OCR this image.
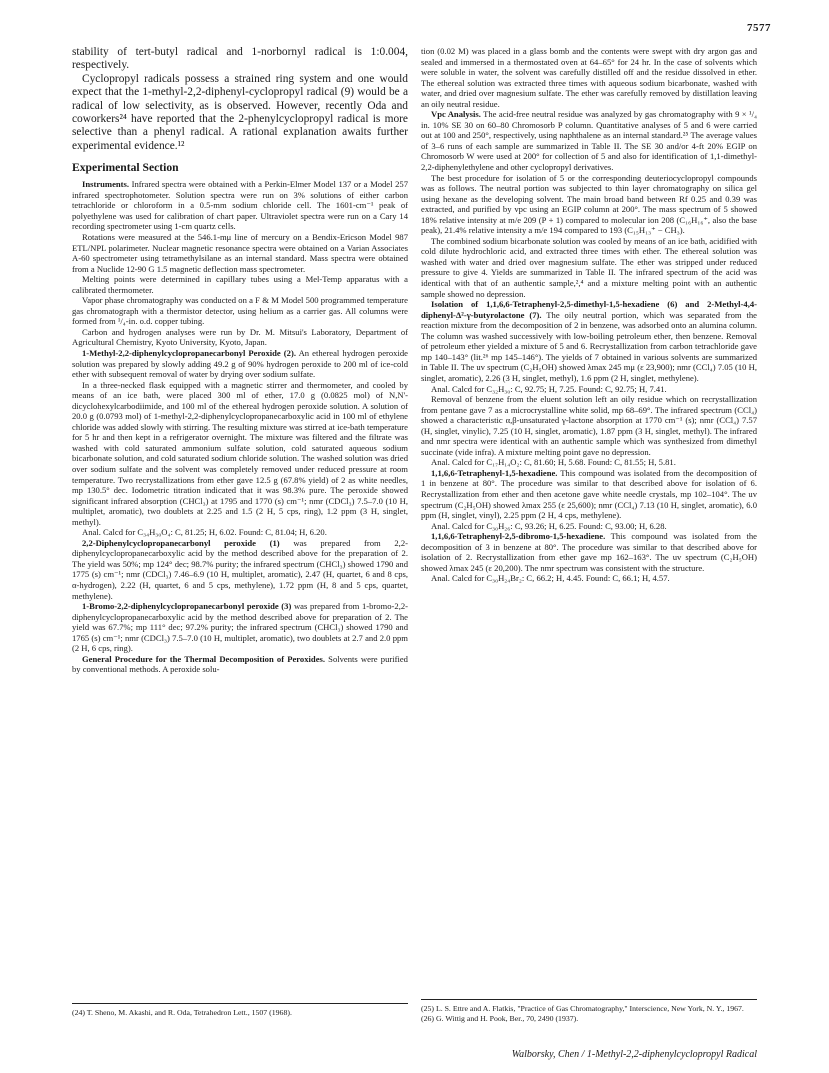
7577

stability of tert-butyl radical and 1-norbornyl radical is 1:0.004, respectively.

Cyclopropyl radicals possess a strained ring system and one would expect that the 1-methyl-2,2-diphenyl-cyclopropyl radical (9) would be a radical of low selectivity, as is observed. However, recently Oda and coworkers²⁴ have reported that the 2-phenylcyclopropyl radical is more selective than a phenyl radical. A rational explanation awaits further experimental evidence.¹²

Experimental Section

Instruments. Infrared spectra were obtained with a Perkin-Elmer Model 137 or a Model 257 infrared spectrophotometer. Solution spectra were run on 3% solutions of either carbon tetrachloride or chloroform in a 0.5-mm sodium chloride cell. The 1601-cm⁻¹ peak of polyethylene was used for calibration of chart paper. Ultraviolet spectra were run on a Cary 14 recording spectrometer using 1-cm quartz cells.

Rotations were measured at the 546.1-mμ line of mercury on a Bendix-Ericson Model 987 ETL/NPL polarimeter. Nuclear magnetic resonance spectra were obtained on a Varian Associates A-60 spectrometer using tetramethylsilane as an internal standard. Mass spectra were obtained from a Nuclide 12-90 G 1.5 magnetic deflection mass spectrometer.

Melting points were determined in capillary tubes using a Mel-Temp apparatus with a calibrated thermometer.

Vapor phase chromatography was conducted on a F & M Model 500 programmed temperature gas chromatograph with a thermistor detector, using helium as a carrier gas. All columns were formed from ¹/₄-in. o.d. copper tubing.

Carbon and hydrogen analyses were run by Dr. M. Mitsui's Laboratory, Department of Agricultural Chemistry, Kyoto University, Kyoto, Japan.

1-Methyl-2,2-diphenylcyclopropanecarbonyl Peroxide (2). An ethereal hydrogen peroxide solution was prepared by slowly adding 49.2 g of 90% hydrogen peroxide to 200 ml of ice-cold ether with subsequent removal of water by drying over sodium sulfate.

In a three-necked flask equipped with a magnetic stirrer and thermometer, and cooled by means of an ice bath, were placed 300 ml of ether, 17.0 g (0.0825 mol) of N,N'-dicyclohexylcarbodiimide, and 100 ml of the ethereal hydrogen peroxide solution. A solution of 20.0 g (0.0793 mol) of 1-methyl-2,2-diphenylcyclopropanecarboxylic acid in 100 ml of ethylene chloride was added slowly with stirring. The resulting mixture was stirred at ice-bath temperature for 5 hr and then kept in a refrigerator overnight. The mixture was filtered and the filtrate was washed with cold saturated ammonium sulfate solution, cold saturated aqueous sodium bicarbonate solution, and cold saturated sodium chloride solution. The washed solution was dried over sodium sulfate and the solvent was completely removed under reduced pressure at room temperature. Two recrystallizations from ether gave 12.5 g (67.8% yield) of 2 as white needles, mp 130.5° dec. Iodometric titration indicated that it was 98.3% pure. The peroxide showed significant infrared absorption (CHCl₃) at 1795 and 1770 (s) cm⁻¹; nmr (CDCl₃) 7.5–7.0 (10 H, multiplet, aromatic), two doublets at 2.25 and 1.5 (2 H, 5 cps, ring), 1.2 ppm (3 H, singlet, methyl).

Anal. Calcd for C₃₄H₃₀O₄: C, 81.25; H, 6.02. Found: C, 81.04; H, 6.20.

2,2-Diphenylcyclopropanecarbonyl peroxide (1) was prepared from 2,2-diphenylcyclopropanecarboxylic acid by the method described above for the preparation of 2. The yield was 50%; mp 124° dec; 98.7% purity; the infrared spectrum (CHCl₃) showed 1790 and 1775 (s) cm⁻¹; nmr (CDCl₃) 7.46–6.9 (10 H, multiplet, aromatic), 2.47 (H, quartet, 6 and 8 cps, α-hydrogen), 2.22 (H, quartet, 6 and 5 cps, methylene), 1.72 ppm (H, 8 and 5 cps, quartet, methylene).

1-Bromo-2,2-diphenylcyclopropanecarbonyl peroxide (3) was prepared from 1-bromo-2,2-diphenylcyclopropanecarboxylic acid by the method described above for preparation of 2. The yield was 67.7%; mp 111° dec; 97.2% purity; the infrared spectrum (CHCl₃) showed 1790 and 1765 (s) cm⁻¹; nmr (CDCl₃) 7.5–7.0 (10 H, multiplet, aromatic), two doublets at 2.7 and 2.0 ppm (2 H, 6 cps, ring).

General Procedure for the Thermal Decomposition of Peroxides. Solvents were purified by conventional methods. A peroxide solu-

tion (0.02 M) was placed in a glass bomb and the contents were swept with dry argon gas and sealed and immersed in a thermostated oven at 64–65° for 24 hr. In the case of solvents which were soluble in water, the solvent was carefully distilled off and the residue dissolved in ether. The ethereal solution was extracted three times with aqueous sodium bicarbonate, washed with water, and dried over magnesium sulfate. The ether was carefully removed by distillation leaving an oily neutral residue.

Vpc Analysis. The acid-free neutral residue was analyzed by gas chromatography with 9 × ¹/₄ in. 10% SE 30 on 60–80 Chromosorb P column. Quantitative analyses of 5 and 6 were carried out at 100 and 250°, respectively, using naphthalene as an internal standard.²⁵ The average values of 3–6 runs of each sample are summarized in Table II. The SE 30 and/or 4-ft 20% EGIP on Chromosorb W were used at 200° for collection of 5 and also for identification of 1,1-dimethyl-2,2-diphenylethylene and other cyclopropyl derivatives.

The best procedure for isolation of 5 or the corresponding deuteriocyclopropyl compounds was as follows. The neutral portion was subjected to thin layer chromatography on silica gel using hexane as the developing solvent. The main broad band between Rf 0.25 and 0.39 was extracted, and purified by vpc using an EGIP column at 200°. The mass spectrum of 5 showed 18% relative intensity at m/e 209 (P + 1) compared to molecular ion 208 (C₁₆H₁₆⁺, also the base peak), 21.4% relative intensity a m/e 194 compared to 193 (C₁₅H₁₃⁺ − CH₃).

The combined sodium bicarbonate solution was cooled by means of an ice bath, acidified with cold dilute hydrochloric acid, and extracted three times with ether. The ethereal solution was washed with water and dried over magnesium sulfate. The ether was stripped under reduced pressure to give 4. Yields are summarized in Table II. The infrared spectrum of the acid was identical with that of an authentic sample,²,⁴ and a mixture melting point with an authentic sample showed no depression.

Isolation of 1,1,6,6-Tetraphenyl-2,5-dimethyl-1,5-hexadiene (6) and 2-Methyl-4,4-diphenyl-Δ²-γ-butyrolactone (7). The oily neutral portion, which was separated from the reaction mixture from the decomposition of 2 in benzene, was adsorbed onto an alumina column. The column was washed successively with low-boiling petroleum ether, then benzene. Removal of petroleum ether yielded a mixture of 5 and 6. Recrystallization from carbon tetrachloride gave mp 140–143° (lit.²⁶ mp 145–146°). The yields of 7 obtained in various solvents are summarized in Table II. The uv spectrum (C₂H₅OH) showed λmax 245 mμ (ε 23,900); nmr (CCl₄) 7.05 (10 H, singlet, aromatic), 2.26 (3 H, singlet, methyl), 1.6 ppm (2 H, singlet, methylene).

Anal. Calcd for C₃₂H₃₀: C, 92.75; H, 7.25. Found: C, 92.75; H, 7.41.

Removal of benzene from the eluent solution left an oily residue which on recrystallization from pentane gave 7 as a microcrystalline white solid, mp 68–69°. The infrared spectrum (CCl₄) showed a characteristic α,β-unsaturated γ-lactone absorption at 1770 cm⁻¹ (s); nmr (CCl₄) 7.57 (H, singlet, vinylic), 7.25 (10 H, singlet, aromatic), 1.87 ppm (3 H, singlet, methyl). The infrared and nmr spectra were identical with an authentic sample which was synthesized from dimethyl succinate (vide infra). A mixture melting point gave no depression.

Anal. Calcd for C₁₇H₁₄O₂: C, 81.60; H, 5.68. Found: C, 81.55; H, 5.81.

1,1,6,6-Tetraphenyl-1,5-hexadiene. This compound was isolated from the decomposition of 1 in benzene at 80°. The procedure was similar to that described above for isolation of 6. Recrystallization from ether and then acetone gave white needle crystals, mp 102–104°. The uv spectrum (C₂H₅OH) showed λmax 255 (ε 25,600); nmr (CCl₄) 7.13 (10 H, singlet, aromatic), 6.0 ppm (H, singlet, vinyl), 2.25 ppm (2 H, 4 cps, methylene).

Anal. Calcd for C₃₀H₂₆: C, 93.26; H, 6.25. Found: C, 93.00; H, 6.28.

1,1,6,6-Tetraphenyl-2,5-dibromo-1,5-hexadiene. This compound was isolated from the decomposition of 3 in benzene at 80°. The procedure was similar to that described above for isolation of 2. Recrystallization from ether gave mp 162–163°. The uv spectrum (C₂H₅OH) showed λmax 245 (ε 20,200). The nmr spectrum was consistent with the structure.

Anal. Calcd for C₃₀H₂₄Br₂: C, 66.2; H, 4.45. Found: C, 66.1; H, 4.57.

(24) T. Sheno, M. Akashi, and R. Oda, Tetrahedron Lett., 1507 (1968).	(25) L. S. Ettre and A. Flatkis, "Practice of Gas Chromatography," Interscience, New York, N. Y., 1967.
(26) G. Wittig and H. Pook, Ber., 70, 2490 (1937).
Walborsky, Chen / 1-Methyl-2,2-diphenylcyclopropyl Radical
